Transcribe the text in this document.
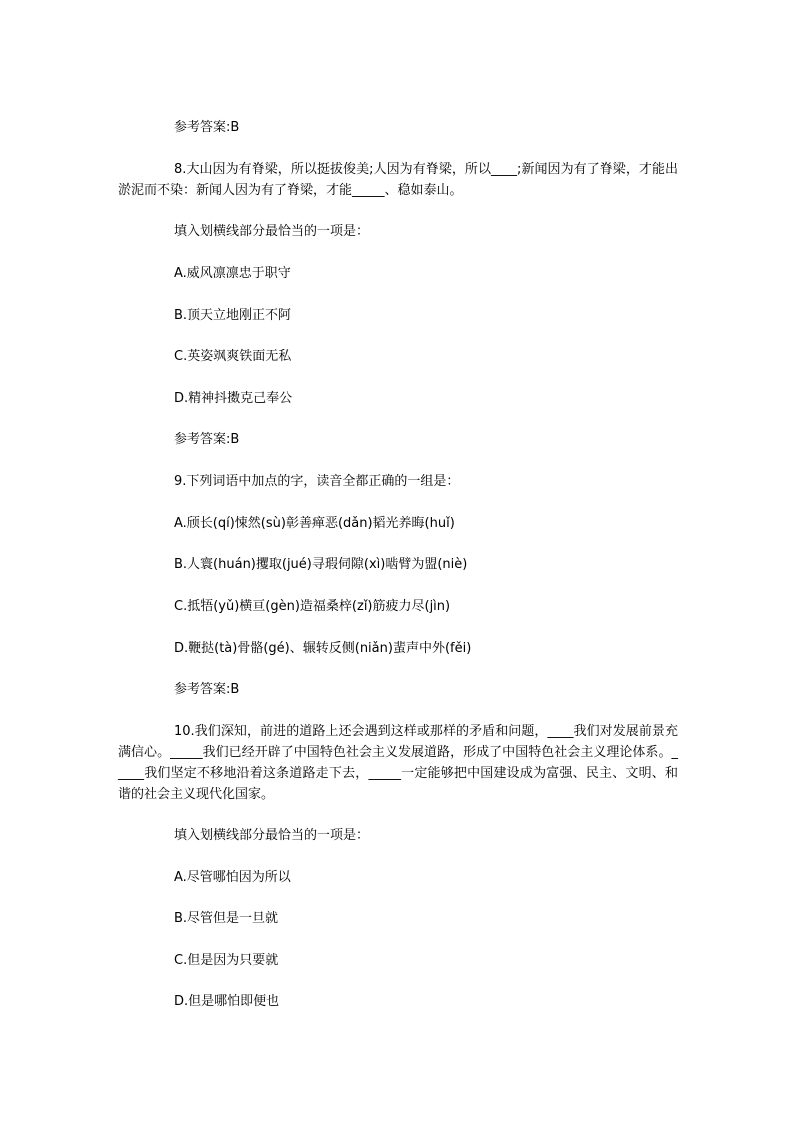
参考答案:B
8.大山因为有脊梁，所以挺拔俊美;人因为有脊梁，所以____;新闻因为有了脊梁，才能出淤泥而不染：新闻人因为有了脊梁，才能_____、稳如泰山。
填入划横线部分最恰当的一项是：
A.威风凛凛忠于职守
B.顶天立地刚正不阿
C.英姿飒爽铁面无私
D.精神抖擞克己奉公
参考答案:B
9.下列词语中加点的字，读音全都正确的一组是：
A.颀长(qí)悚然(sù)彰善瘅恶(dǎn)韬光养晦(huǐ)
B.人寰(huán)攫取(jué)寻瑕伺隙(xì)啮臂为盟(niè)
C.抵牾(yǔ)横亘(gèn)造福桑梓(zǐ)筋疲力尽(jìn)
D.鞭挞(tà)骨骼(gé)、辗转反侧(niǎn)蜚声中外(fěi)
参考答案:B
10.我们深知，前进的道路上还会遇到这样或那样的矛盾和问题，____我们对发展前景充满信心。_____我们已经开辟了中国特色社会主义发展道路，形成了中国特色社会主义理论体系。_____我们坚定不移地沿着这条道路走下去，_____一定能够把中国建设成为富强、民主、文明、和谐的社会主义现代化国家。
填入划横线部分最恰当的一项是：
A.尽管哪怕因为所以
B.尽管但是一旦就
C.但是因为只要就
D.但是哪怕即便也
